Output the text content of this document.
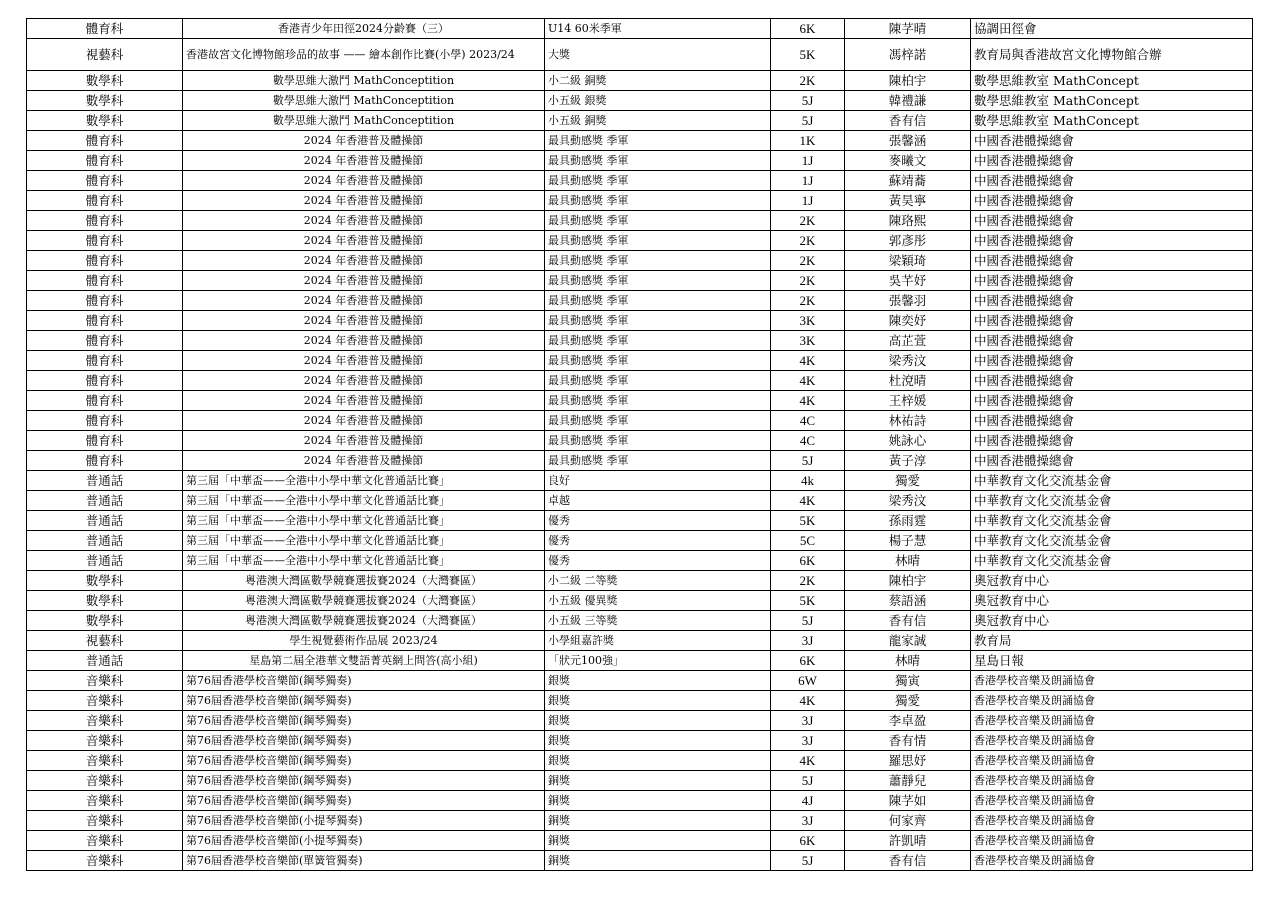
體育科	香港青少年田徑2024分齡賽（三）	U14 60米季軍	6K	陳芓晴	協調田徑會
視藝科	香港故宮文化博物館珍品的故事 —— 繪本創作比賽(小學) 2023/24	大獎	5K	馮梓諾	教育局與香港故宮文化博物館合辦
數學科	數學思維大激鬥 MathConceptition	小二級 銅獎	2K	陳柏宇	數學思維教室 MathConcept
數學科	數學思維大激鬥 MathConceptition	小五級 銀獎	5J	韓禮謙	數學思維教室 MathConcept
數學科	數學思維大激鬥 MathConceptition	小五級 銅獎	5J	香有信	數學思維教室 MathConcept
體育科	2024 年香港普及體操節	最具動感獎 季軍	1K	張馨涵	中國香港體操總會
體育科	2024 年香港普及體操節	最具動感獎 季軍	1J	麥曦文	中國香港體操總會
體育科	2024 年香港普及體操節	最具動感獎 季軍	1J	蘇靖蕎	中國香港體操總會
體育科	2024 年香港普及體操節	最具動感獎 季軍	1J	黃昊寧	中國香港體操總會
體育科	2024 年香港普及體操節	最具動感獎 季軍	2K	陳珞熙	中國香港體操總會
體育科	2024 年香港普及體操節	最具動感獎 季軍	2K	郭彥彤	中國香港體操總會
體育科	2024 年香港普及體操節	最具動感獎 季軍	2K	梁穎琦	中國香港體操總會
體育科	2024 年香港普及體操節	最具動感獎 季軍	2K	吳芊妤	中國香港體操總會
體育科	2024 年香港普及體操節	最具動感獎 季軍	2K	張馨羽	中國香港體操總會
體育科	2024 年香港普及體操節	最具動感獎 季軍	3K	陳奕妤	中國香港體操總會
體育科	2024 年香港普及體操節	最具動感獎 季軍	3K	高芷萱	中國香港體操總會
體育科	2024 年香港普及體操節	最具動感獎 季軍	4K	梁秀汶	中國香港體操總會
體育科	2024 年香港普及體操節	最具動感獎 季軍	4K	杜渷晴	中國香港體操總會
體育科	2024 年香港普及體操節	最具動感獎 季軍	4K	王梓媛	中國香港體操總會
體育科	2024 年香港普及體操節	最具動感獎 季軍	4C	林祐詩	中國香港體操總會
體育科	2024 年香港普及體操節	最具動感獎 季軍	4C	姚詠心	中國香港體操總會
體育科	2024 年香港普及體操節	最具動感獎 季軍	5J	黃子淳	中國香港體操總會
普通話	第三屆「中華盃——全港中小學中華文化普通話比賽」	良好	4k	獨愛	中華教育文化交流基金會
普通話	第三屆「中華盃——全港中小學中華文化普通話比賽」	卓越	4K	梁秀汶	中華教育文化交流基金會
普通話	第三屆「中華盃——全港中小學中華文化普通話比賽」	優秀	5K	孫雨霆	中華教育文化交流基金會
普通話	第三屆「中華盃——全港中小學中華文化普通話比賽」	優秀	5C	楊子慧	中華教育文化交流基金會
普通話	第三屆「中華盃——全港中小學中華文化普通話比賽」	優秀	6K	林晴	中華教育文化交流基金會
數學科	粵港澳大灣區數學競賽選拔賽2024（大灣賽區）	小二級 二等獎	2K	陳柏宇	奧冠教育中心
數學科	粵港澳大灣區數學競賽選拔賽2024（大灣賽區）	小五級 優異獎	5K	蔡語涵	奧冠教育中心
數學科	粵港澳大灣區數學競賽選拔賽2024（大灣賽區）	小五級 三等獎	5J	香有信	奧冠教育中心
視藝科	學生視覺藝術作品展 2023/24	小學組嘉許獎	3J	龍家誠	教育局
普通話	星島第二屆全港華文雙語菁英網上問答(高小組)	「狀元100強」	6K	林晴	星島日報
音樂科	第76屆香港學校音樂節(鋼琴獨奏)	銀獎	6W	獨寅	香港學校音樂及朗誦協會
音樂科	第76屆香港學校音樂節(鋼琴獨奏)	銀獎	4K	獨愛	香港學校音樂及朗誦協會
音樂科	第76屆香港學校音樂節(鋼琴獨奏)	銀獎	3J	李卓盈	香港學校音樂及朗誦協會
音樂科	第76屆香港學校音樂節(鋼琴獨奏)	銀獎	3J	香有情	香港學校音樂及朗誦協會
音樂科	第76屆香港學校音樂節(鋼琴獨奏)	銀獎	4K	羅思妤	香港學校音樂及朗誦協會
音樂科	第76屆香港學校音樂節(鋼琴獨奏)	銅獎	5J	蕭靜兒	香港學校音樂及朗誦協會
音樂科	第76屆香港學校音樂節(鋼琴獨奏)	銅獎	4J	陳芓如	香港學校音樂及朗誦協會
音樂科	第76屆香港學校音樂節(小提琴獨奏)	銅獎	3J	何家齊	香港學校音樂及朗誦協會
音樂科	第76屆香港學校音樂節(小提琴獨奏)	銅獎	6K	許凱晴	香港學校音樂及朗誦協會
音樂科	第76屆香港學校音樂節(單簧管獨奏)	銅獎	5J	香有信	香港學校音樂及朗誦協會
